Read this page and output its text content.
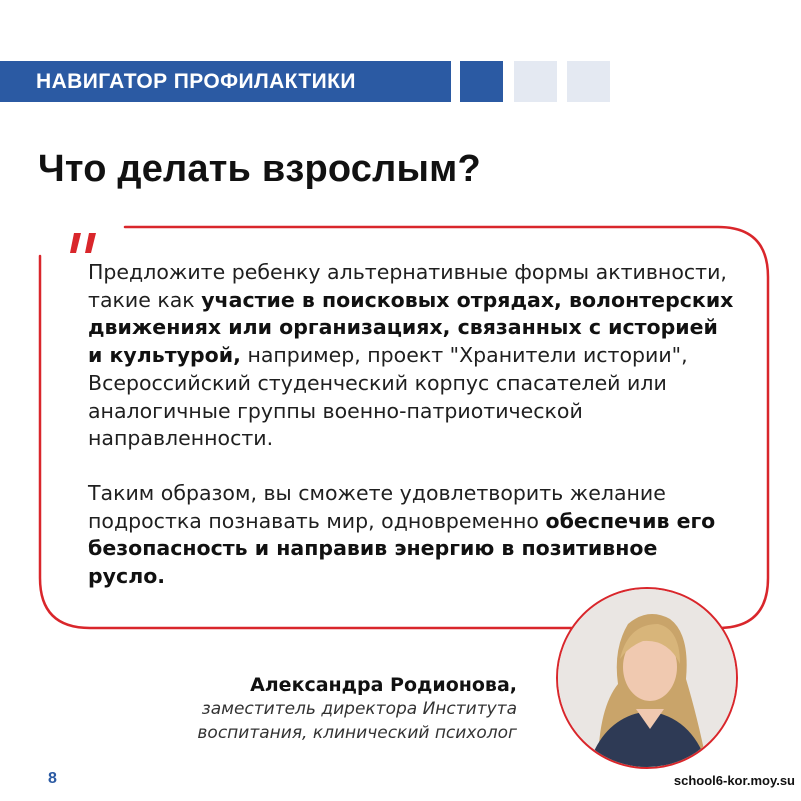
НАВИГАТОР ПРОФИЛАКТИКИ
Что делать взрослым?

Предложите ребенку альтернативные формы активности, такие как участие в поисковых отрядах, волонтерских движениях или организациях, связанных с историей и культурой, например, проект "Хранители истории", Всероссийский студенческий корпус спасателей или аналогичные группы военно-патриотической направленности.

Таким образом, вы сможете удовлетворить желание подростка познавать мир, одновременно обеспечив его безопасность и направив энергию в позитивное русло.

Александра Родионова,
заместитель директора Института
воспитания, клинический психолог
8	school6-kor.moy.su
